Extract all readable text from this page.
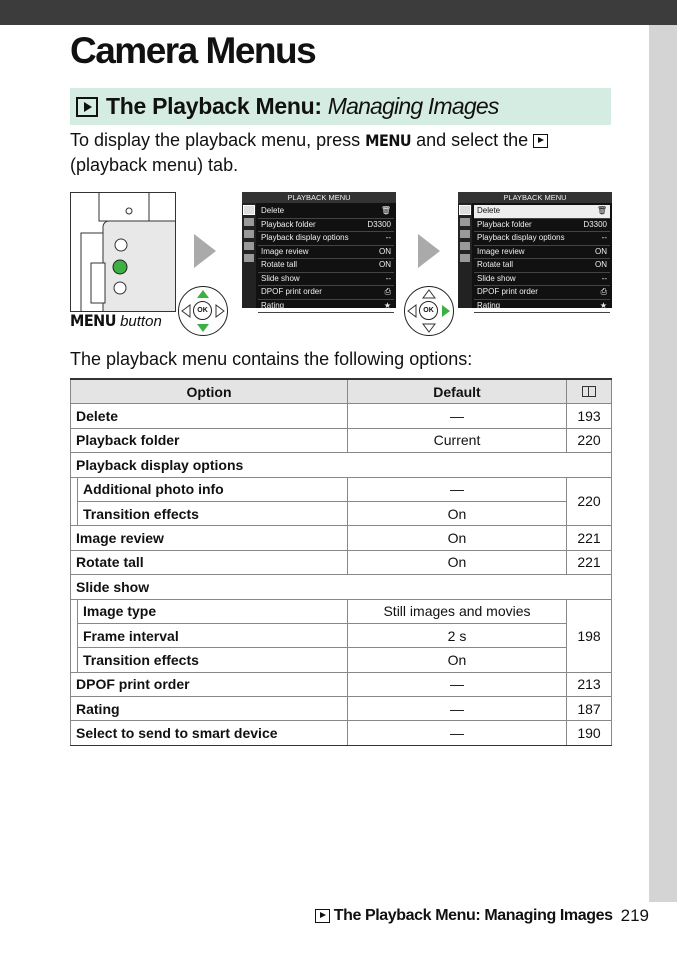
Camera Menus
The Playback Menu: Managing Images

To display the playback menu, press MENU and select the
(playback menu) tab.

MENU button
OK
PLAYBACK MENU
Delete	🗑
Playback folder	D3300
Playback display options	--
Image review	ON
Rotate tall	ON
Slide show	--
DPOF print order	⎙
Rating	★
OK
PLAYBACK MENU
Delete	🗑
Playback folder	D3300
Playback display options	--
Image review	ON
Rotate tall	ON
Slide show	--
DPOF print order	⎙
Rating	★

The playback menu contains the following options:

Option		Default	
Delete		—	193
Playback folder		Current	220
Playback display options			
	Additional photo info	—	220
	Transition effects	On	
Image review		On	221
Rotate tall		On	221
Slide show			
	Image type	Still images and movies	198
	Frame interval	2 s	
	Transition effects	On	
DPOF print order		—	213
Rating		—	187
Select to send to smart device		—	190
The Playback Menu: Managing Images 219
